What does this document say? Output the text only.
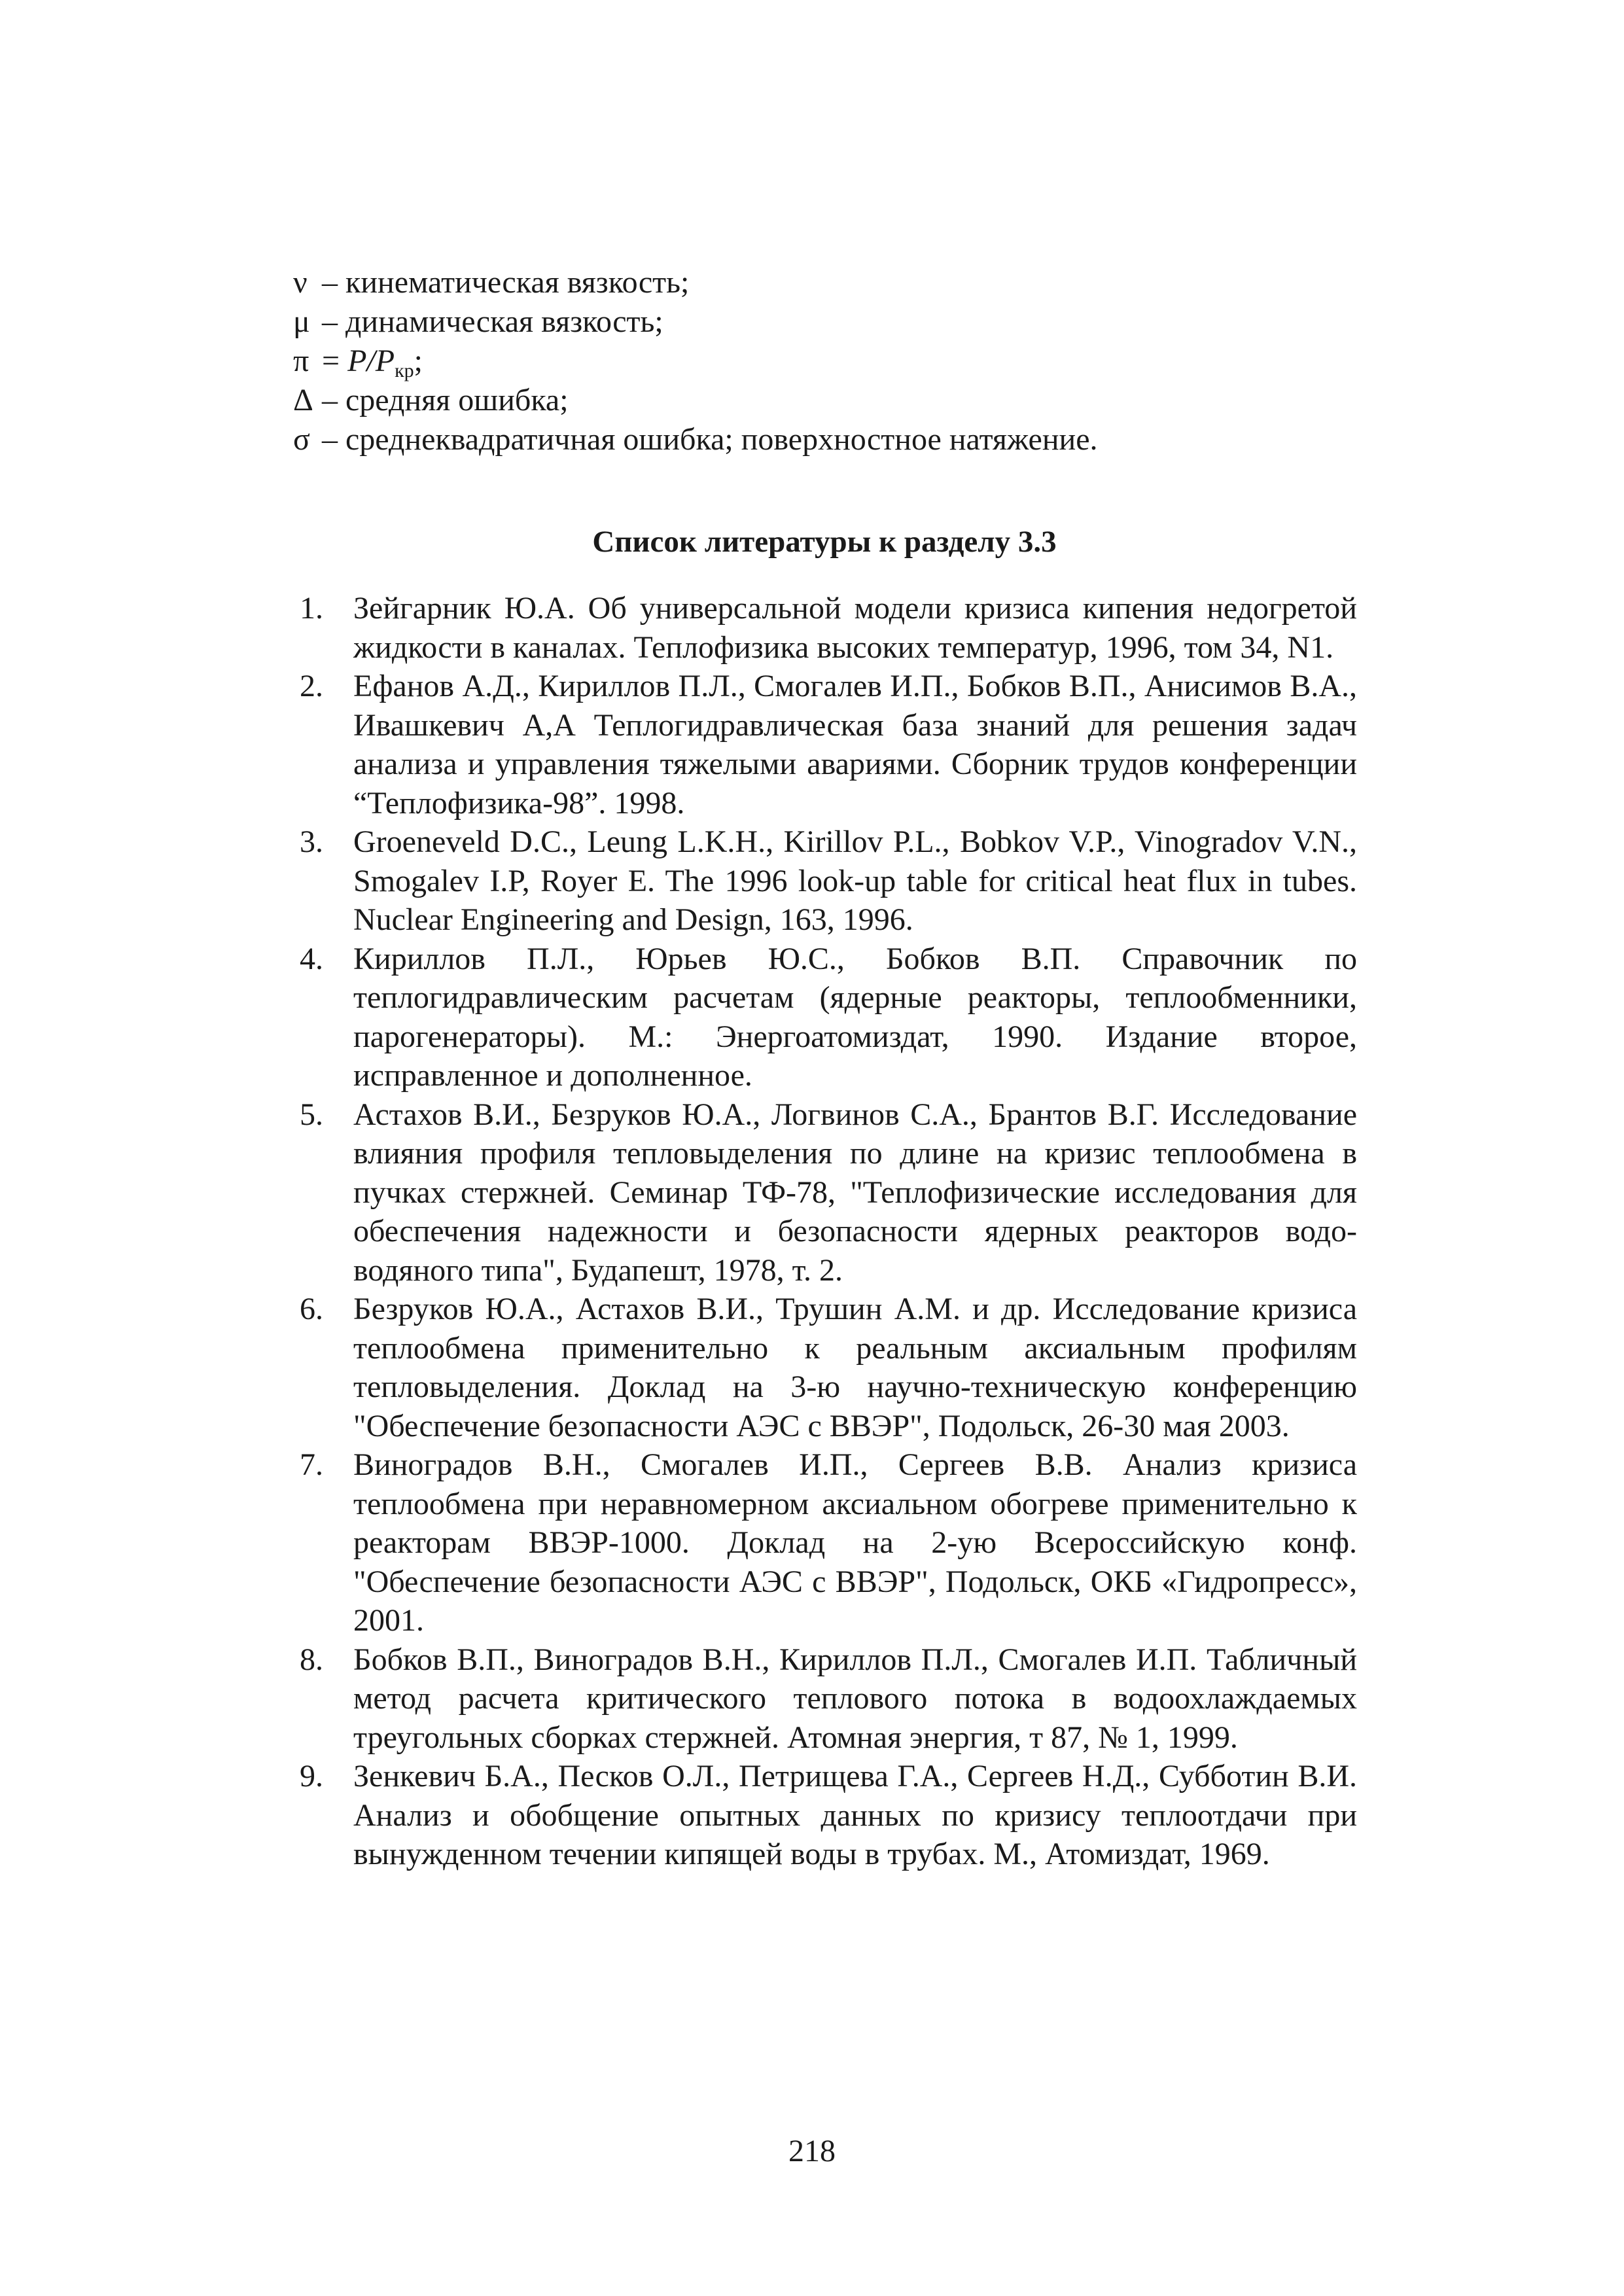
ν – кинематическая вязкость;
μ – динамическая вязкость;
$\pi = P/P_{кр}$;
Δ – средняя ошибка;
σ – среднеквадратичная ошибка; поверхностное натяжение.
Список литературы к разделу 3.3
1. Зейгарник Ю.А. Об универсальной модели кризиса кипения недогретой жидкости в каналах. Теплофизика высоких температур, 1996, том 34, N1.
2. Ефанов А.Д., Кириллов П.Л., Смогалев И.П., Бобков В.П., Анисимов В.А., Ивашкевич А,А Теплогидравлическая база знаний для решения задач анализа и управления тяжелыми авариями. Сборник трудов конференции “Теплофизика-98”. 1998.
3. Groeneveld D.C., Leung L.K.H., Kirillov P.L., Bobkov V.P., Vinogradov V.N., Smogalev I.P, Royer E. The 1996 look-up table for critical heat flux in tubes. Nuclear Engineering and Design, 163, 1996.
4. Кириллов П.Л., Юрьев Ю.С., Бобков В.П. Справочник по теплогидравлическим расчетам (ядерные реакторы, теплообменники, парогенераторы). М.: Энергоатомиздат, 1990. Издание второе, исправленное и дополненное.
5. Астахов В.И., Безруков Ю.А., Логвинов С.А., Брантов В.Г. Исследование влияния профиля тепловыделения по длине на кризис теплообмена в пучках стержней. Семинар ТФ-78, "Теплофизические исследования для обеспечения надежности и безопасности ядерных реакторов водо-водяного типа", Будапешт, 1978, т. 2.
6. Безруков Ю.А., Астахов В.И., Трушин А.М. и др. Исследование кризиса теплообмена применительно к реальным аксиальным профилям тепловыделения. Доклад на 3-ю научно-техническую конференцию "Обеспечение безопасности АЭС с ВВЭР", Подольск, 26-30 мая 2003.
7. Виноградов В.Н., Смогалев И.П., Сергеев В.В. Анализ кризиса теплообмена при неравномерном аксиальном обогреве применительно к реакторам ВВЭР-1000. Доклад на 2-ую Всероссийскую конф. "Обеспечение безопасности АЭС с ВВЭР", Подольск, ОКБ «Гидропресс», 2001.
8. Бобков В.П., Виноградов В.Н., Кириллов П.Л., Смогалев И.П. Табличный метод расчета критического теплового потока в водоохлаждаемых треугольных сборках стержней. Атомная энергия, т 87, № 1, 1999.
9. Зенкевич Б.А., Песков О.Л., Петрищева Г.А., Сергеев Н.Д., Субботин В.И. Анализ и обобщение опытных данных по кризису теплоотдачи при вынужденном течении кипящей воды в трубах. М., Атомиздат, 1969.
218
